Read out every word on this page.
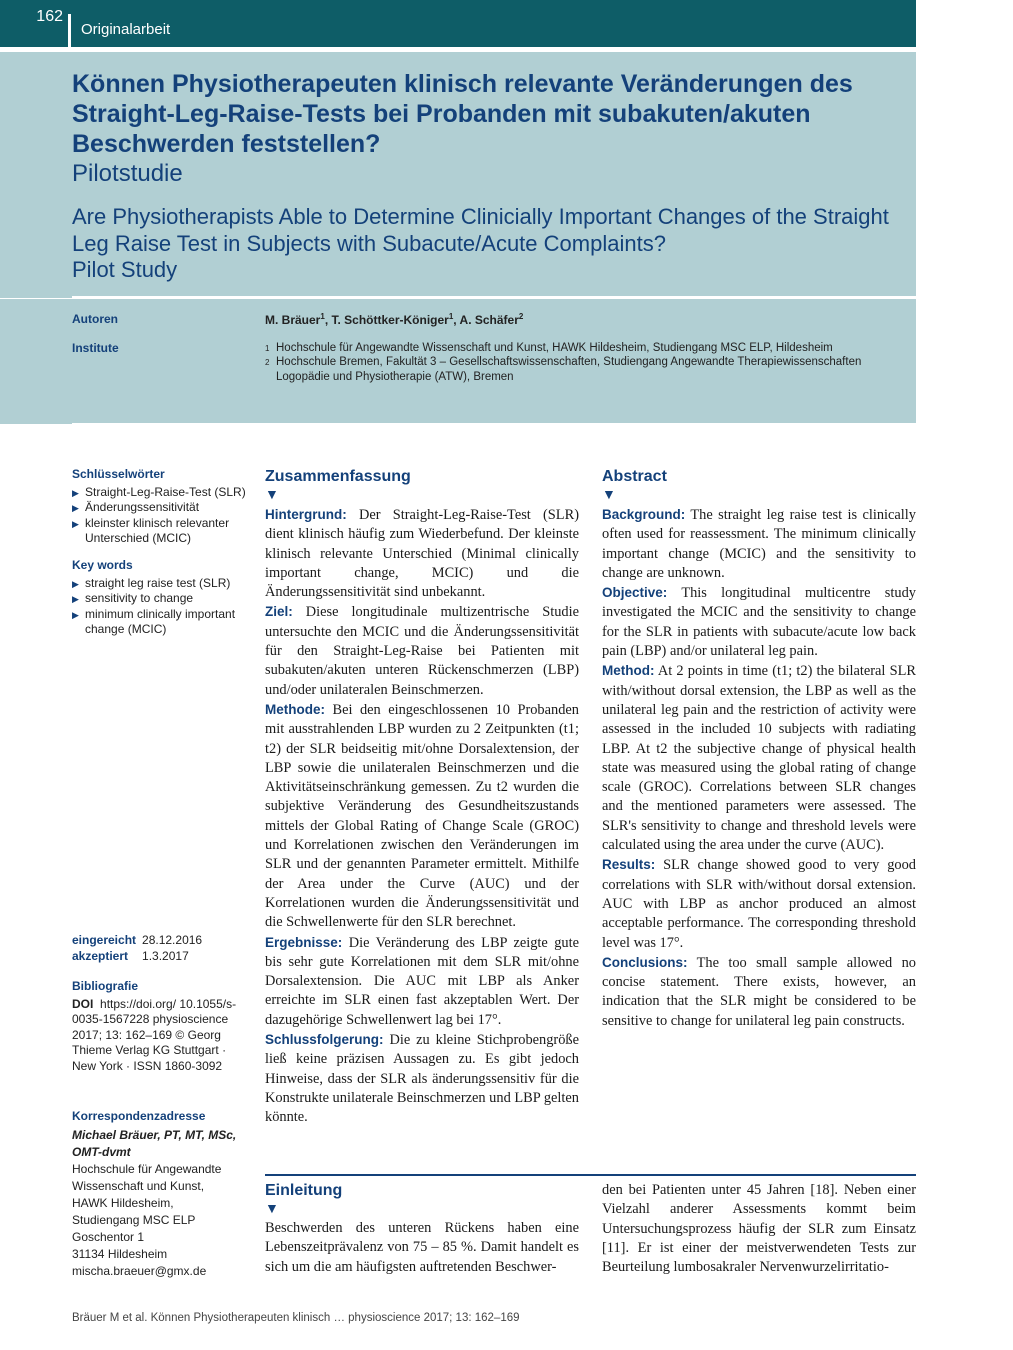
162
Originalarbeit
Können Physiotherapeuten klinisch relevante Veränderungen des Straight-Leg-Raise-Tests bei Probanden mit subakuten/akuten Beschwerden feststellen?
Pilotstudie
Are Physiotherapists Able to Determine Clinicially Important Changes of the Straight Leg Raise Test in Subjects with Subacute/Acute Complaints?
Pilot Study
Autoren	M. Bräuer$^1$, T. Schöttker-Königer$^1$, A. Schäfer$^2$
Institute	1 Hochschule für Angewandte Wissenschaft und Kunst, HAWK Hildesheim, Studiengang MSC ELP, Hildesheim
2 Hochschule Bremen, Fakultät 3 – Gesellschaftswissenschaften, Studiengang Angewandte Therapiewissenschaften
Logopädie und Physiotherapie (ATW), Bremen
Schlüsselwörter
▶ Straight-Leg-Raise-Test (SLR)
▶ Änderungssensitivität
▶ kleinster klinisch relevanter Unterschied (MCIC)
Key words
▶ straight leg raise test (SLR)
▶ sensitivity to change
▶ minimum clinically important change (MCIC)
eingereicht	28.12.2016
akzeptiert	1.3.2017
Bibliografie
DOI https://doi.org/ 10.1055/s-0035-1567228 physioscience 2017; 13: 162–169 © Georg Thieme Verlag KG Stuttgart · New York · ISSN 1860-3092
Korrespondenzadresse
Michael Bräuer, PT, MT, MSc, OMT-dvmt
Hochschule für Angewandte
Wissenschaft und Kunst,
HAWK Hildesheim,
Studiengang MSC ELP
Goschentor 1
31134 Hildesheim
mischa.braeuer@gmx.de
Zusammenfassung
▼

Hintergrund: Der Straight-Leg-Raise-Test (SLR) dient klinisch häufig zum Wiederbefund. Der kleinste klinisch relevante Unterschied (Minimal clinically important change, MCIC) und die Änderungssensitivität sind unbekannt.

Ziel: Diese longitudinale multizentrische Studie untersuchte den MCIC und die Änderungssensitivität für den Straight-Leg-Raise bei Patienten mit subakuten/akuten unteren Rückenschmerzen (LBP) und/oder unilateralen Beinschmerzen.

Methode: Bei den eingeschlossenen 10 Probanden mit ausstrahlenden LBP wurden zu 2 Zeitpunkten (t1; t2) der SLR beidseitig mit/ohne Dorsalextension, der LBP sowie die unilateralen Beinschmerzen und die Aktivitätseinschränkung gemessen. Zu t2 wurden die subjektive Veränderung des Gesundheitszustands mittels der Global Rating of Change Scale (GROC) und Korrelationen zwischen den Veränderungen im SLR und der genannten Parameter ermittelt. Mithilfe der Area under the Curve (AUC) und der Korrelationen wurden die Änderungssensitivität und die Schwellenwerte für den SLR berechnet.

Ergebnisse: Die Veränderung des LBP zeigte gute bis sehr gute Korrelationen mit dem SLR mit/ohne Dorsalextension. Die AUC mit LBP als Anker erreichte im SLR einen fast akzeptablen Wert. Der dazugehörige Schwellenwert lag bei 17°.

Schlussfolgerung: Die zu kleine Stichprobengröße ließ keine präzisen Aussagen zu. Es gibt jedoch Hinweise, dass der SLR als änderungssensitiv für die Konstrukte unilaterale Beinschmerzen und LBP gelten könnte.

Abstract
▼

Background: The straight leg raise test is clinically often used for reassessment. The minimum clinically important change (MCIC) and the sensitivity to change are unknown.

Objective: This longitudinal multicentre study investigated the MCIC and the sensitivity to change for the SLR in patients with subacute/acute low back pain (LBP) and/or unilateral leg pain.

Method: At 2 points in time (t1; t2) the bilateral SLR with/without dorsal extension, the LBP as well as the unilateral leg pain and the restriction of activity were assessed in the included 10 subjects with radiating LBP. At t2 the subjective change of physical health state was measured using the global rating of change scale (GROC). Correlations between SLR changes and the mentioned parameters were assessed. The SLR's sensitivity to change and threshold levels were calculated using the area under the curve (AUC).

Results: SLR change showed good to very good correlations with SLR with/without dorsal extension. AUC with LBP as anchor produced an almost acceptable performance. The corresponding threshold level was 17°.

Conclusions: The too small sample allowed no concise statement. There exists, however, an indication that the SLR might be considered to be sensitive to change for unilateral leg pain constructs.

Einleitung
▼

Beschwerden des unteren Rückens haben eine Lebenszeitprävalenz von 75 – 85 %. Damit handelt es sich um die am häufigsten auftretenden Beschwer-

den bei Patienten unter 45 Jahren [18]. Neben einer Vielzahl anderer Assessments kommt beim Untersuchungsprozess häufig der SLR zum Einsatz [11]. Er ist einer der meistverwendeten Tests zur Beurteilung lumbosakraler Nervenwurzelirritatio-

Bräuer M et al. Können Physiotherapeuten klinisch … physioscience 2017; 13: 162–169
